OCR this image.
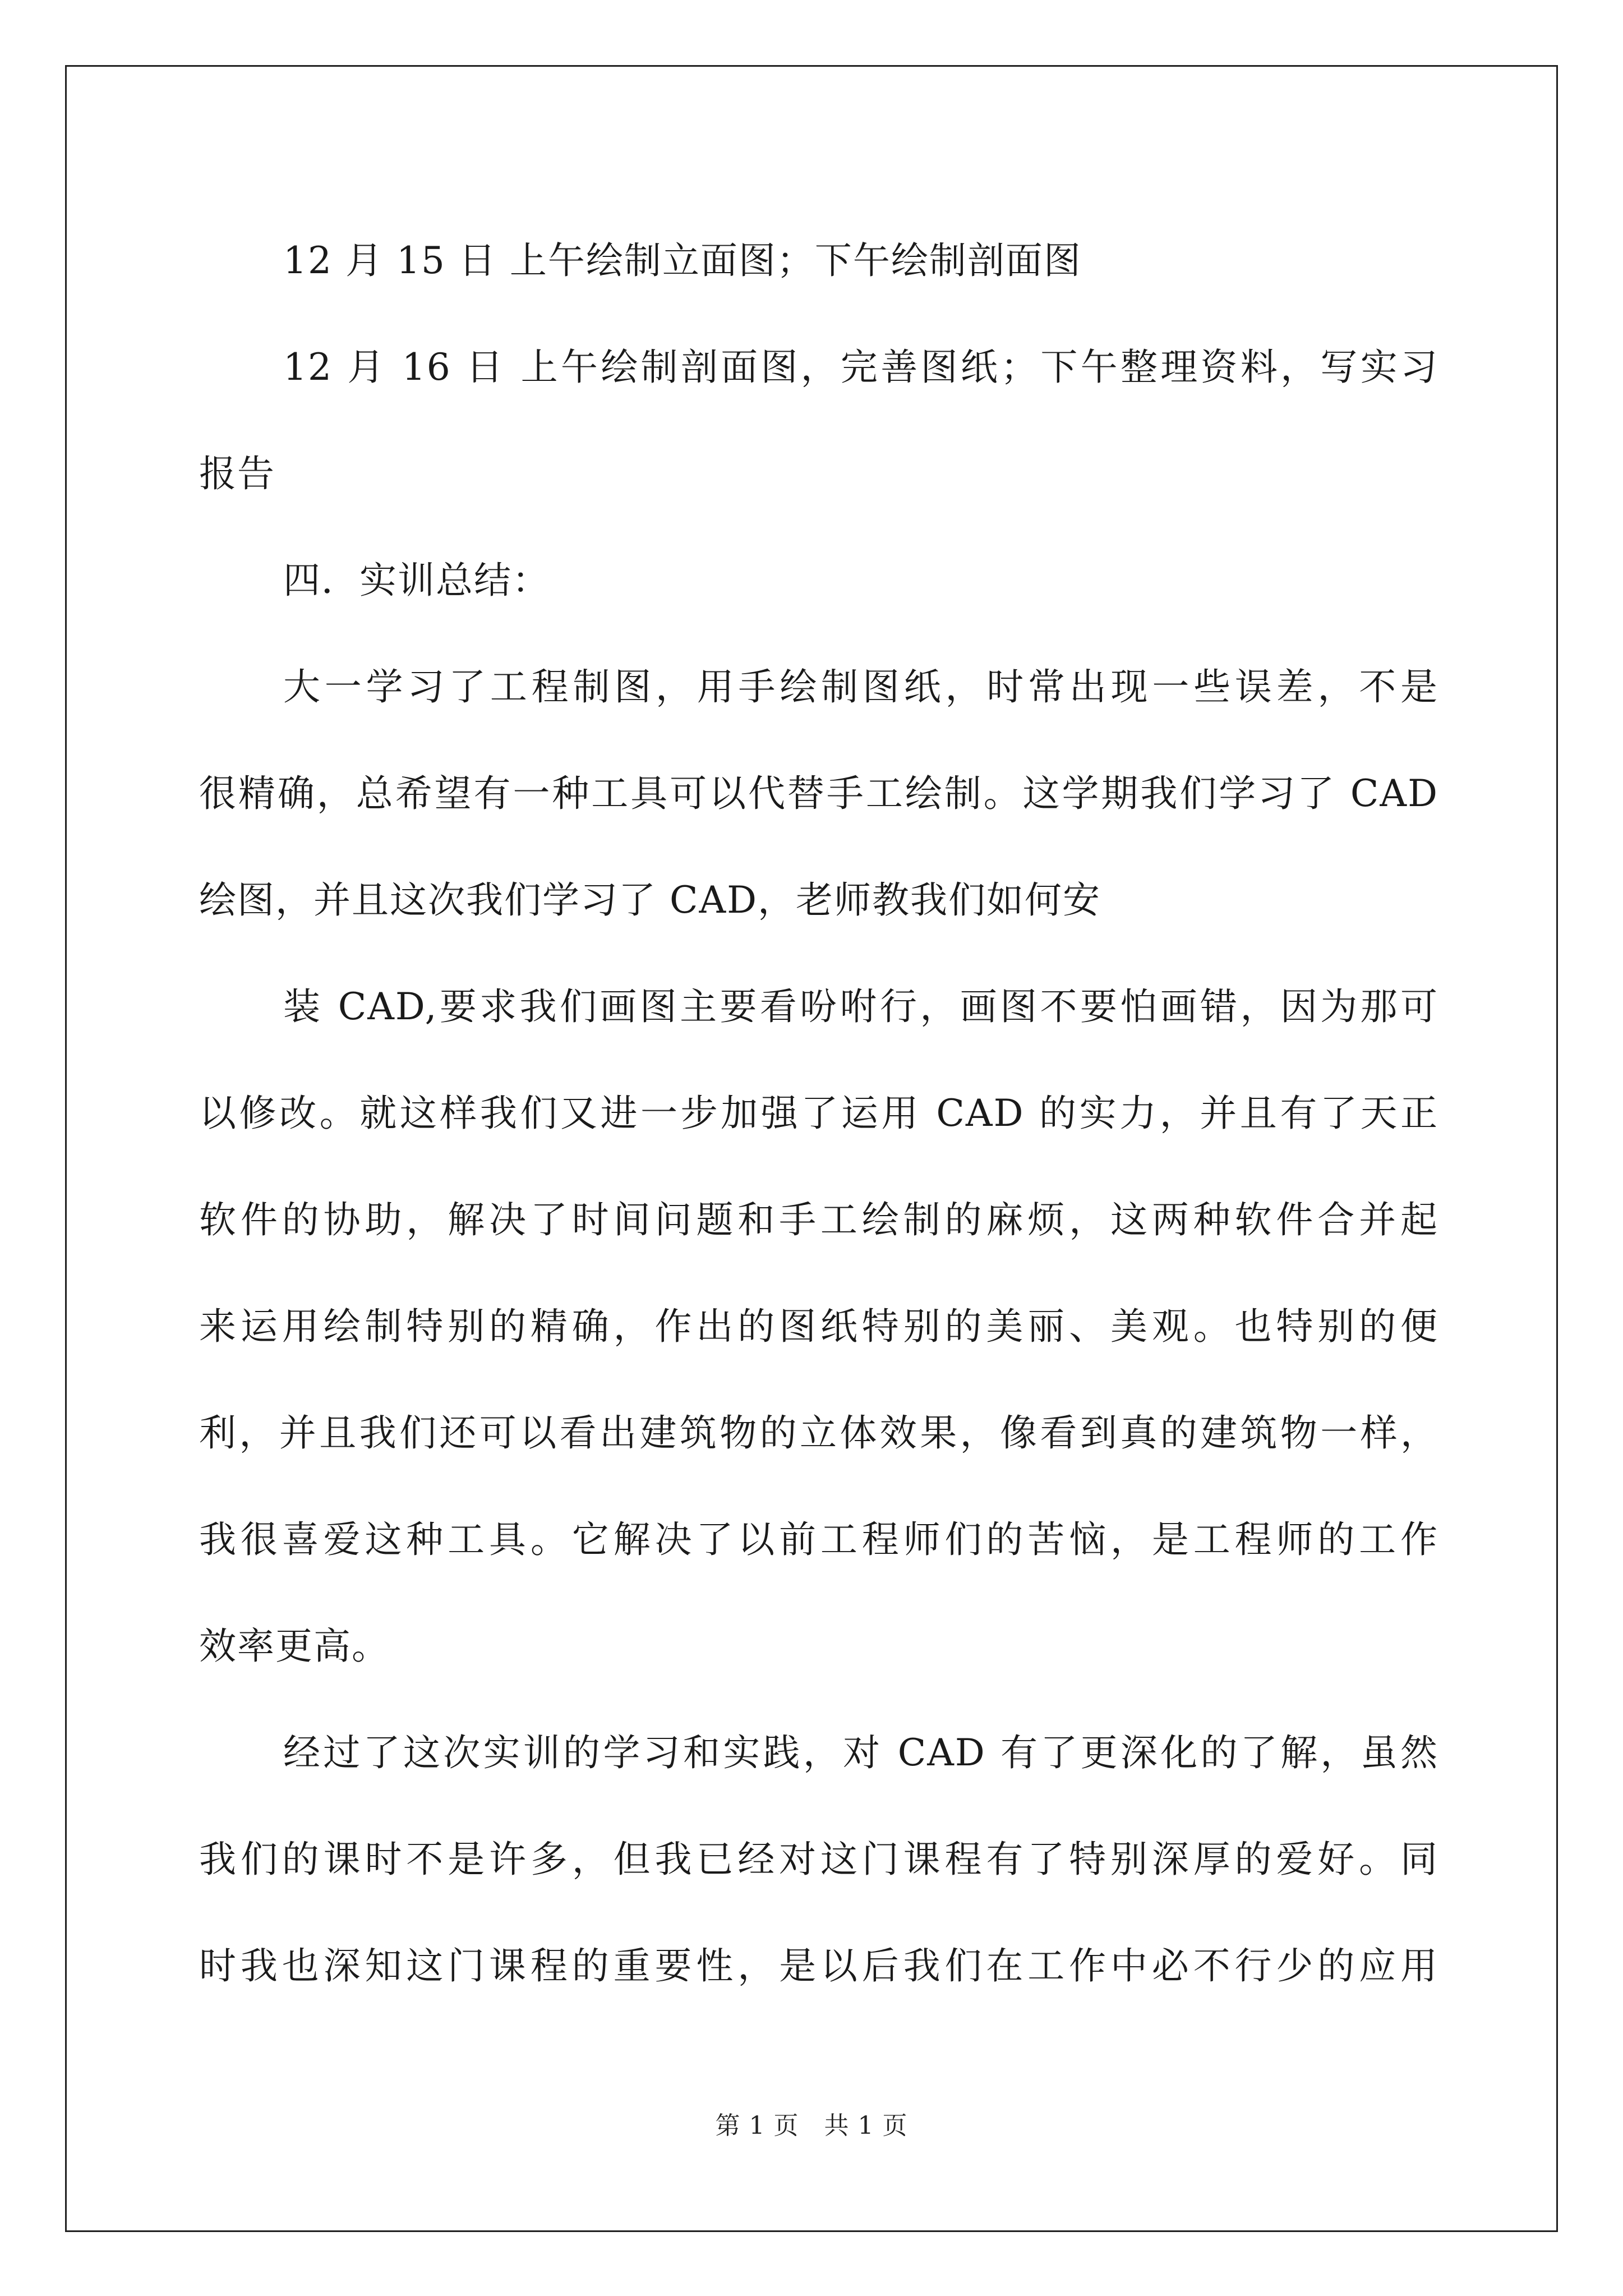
12 月 15 日 上午绘制立面图；下午绘制剖面图
12 月 16 日 上午绘制剖面图，完善图纸；下午整理资料，写实习
报告
四．实训总结：
大一学习了工程制图，用手绘制图纸，时常出现一些误差，不是
很精确，总希望有一种工具可以代替手工绘制。这学期我们学习了 CAD
绘图，并且这次我们学习了 CAD，老师教我们如何安
装 CAD,要求我们画图主要看吩咐行，画图不要怕画错，因为那可
以修改。就这样我们又进一步加强了运用 CAD 的实力，并且有了天正
软件的协助，解决了时间问题和手工绘制的麻烦，这两种软件合并起
来运用绘制特别的精确，作出的图纸特别的美丽、美观。也特别的便
利，并且我们还可以看出建筑物的立体效果，像看到真的建筑物一样，
我很喜爱这种工具。它解决了以前工程师们的苦恼，是工程师的工作
效率更高。
经过了这次实训的学习和实践，对 CAD 有了更深化的了解，虽然
我们的课时不是许多，但我已经对这门课程有了特别深厚的爱好。同
时我也深知这门课程的重要性，是以后我们在工作中必不行少的应用
第 1 页　共 1 页
